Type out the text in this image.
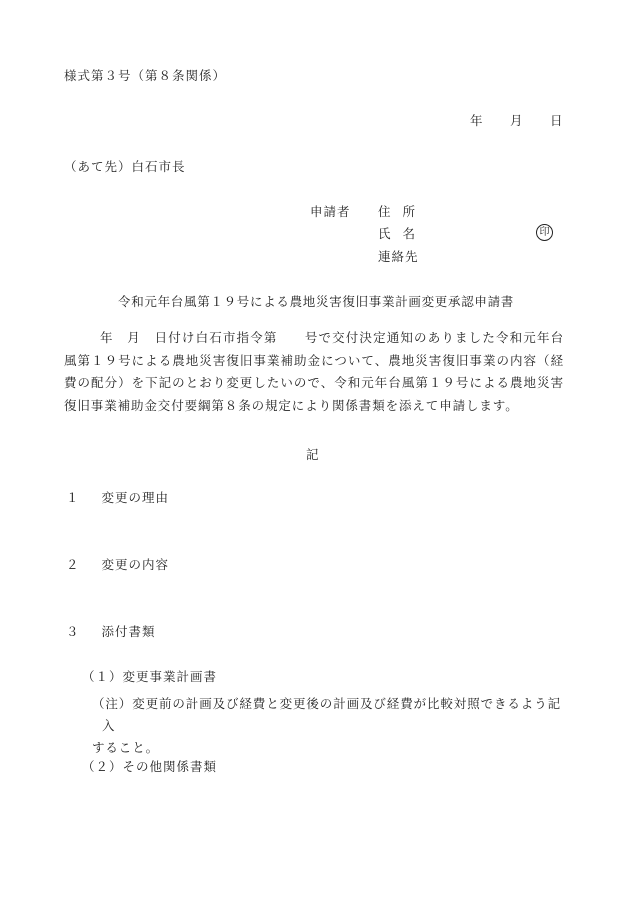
様式第３号（第８条関係）
年 月 日
（あて先）白石市長
申請者 住所
氏名	印
連絡先
令和元年台風第１９号による農地災害復旧事業計画変更承認申請書
年　月　日付け白石市指令第　　号で交付決定通知のありました令和元年台風第１９号による農地災害復旧事業補助金について、農地災害復旧事業の内容（経費の配分）を下記のとおり変更したいので、令和元年台風第１９号による農地災害復旧事業補助金交付要綱第８条の規定により関係書類を添えて申請します。
記
１ 変更の理由
２ 変更の内容
３ 添付書類
（１）変更事業計画書
（注）変更前の計画及び経費と変更後の計画及び経費が比較対照できるよう記入

すること。
（２）その他関係書類
